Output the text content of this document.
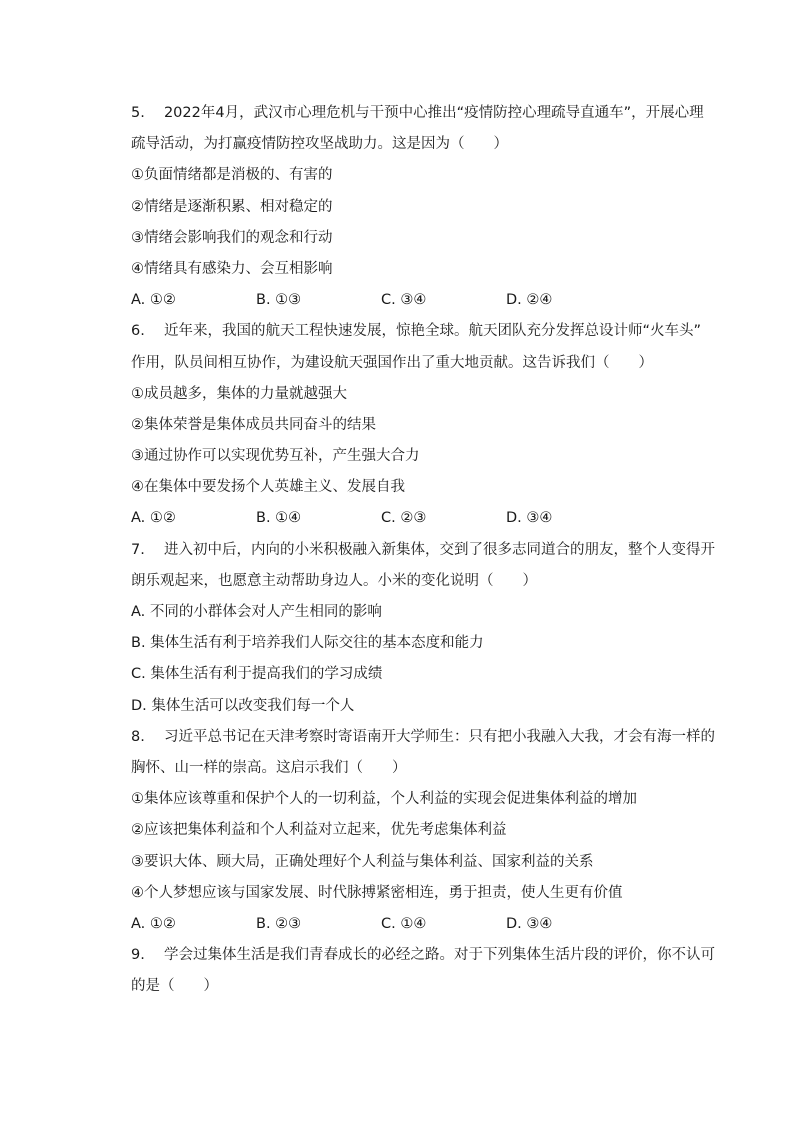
5.　 2022年4月，武汉市心理危机与干预中心推出“疫情防控心理疏导直通车”，开展心理
疏导活动，为打赢疫情防控攻坚战助力。这是因为（　　）
①负面情绪都是消极的、有害的
②情绪是逐渐积累、相对稳定的
③情绪会影响我们的观念和行动
④情绪具有感染力、会互相影响
A. ①②	B. ①③	C. ③④	D. ②④
6.　 近年来，我国的航天工程快速发展，惊艳全球。航天团队充分发挥总设计师“火车头”
作用，队员间相互协作，为建设航天强国作出了重大地贡献。这告诉我们（　　）
①成员越多，集体的力量就越强大
②集体荣誉是集体成员共同奋斗的结果
③通过协作可以实现优势互补，产生强大合力
④在集体中要发扬个人英雄主义、发展自我
A. ①②	B. ①④	C. ②③	D. ③④
7.　 进入初中后，内向的小米积极融入新集体，交到了很多志同道合的朋友，整个人变得开
朗乐观起来，也愿意主动帮助身边人。小米的变化说明（　　）
A. 不同的小群体会对人产生相同的影响
B. 集体生活有利于培养我们人际交往的基本态度和能力
C. 集体生活有利于提高我们的学习成绩
D. 集体生活可以改变我们每一个人
8.　 习近平总书记在天津考察时寄语南开大学师生：只有把小我融入大我，才会有海一样的
胸怀、山一样的崇高。这启示我们（　　）
①集体应该尊重和保护个人的一切利益，个人利益的实现会促进集体利益的增加
②应该把集体利益和个人利益对立起来，优先考虑集体利益
③要识大体、顾大局，正确处理好个人利益与集体利益、国家利益的关系
④个人梦想应该与国家发展、时代脉搏紧密相连，勇于担责，使人生更有价值
A. ①②	B. ②③	C. ①④	D. ③④
9.　 学会过集体生活是我们青春成长的必经之路。对于下列集体生活片段的评价，你不认可
的是（　　）
